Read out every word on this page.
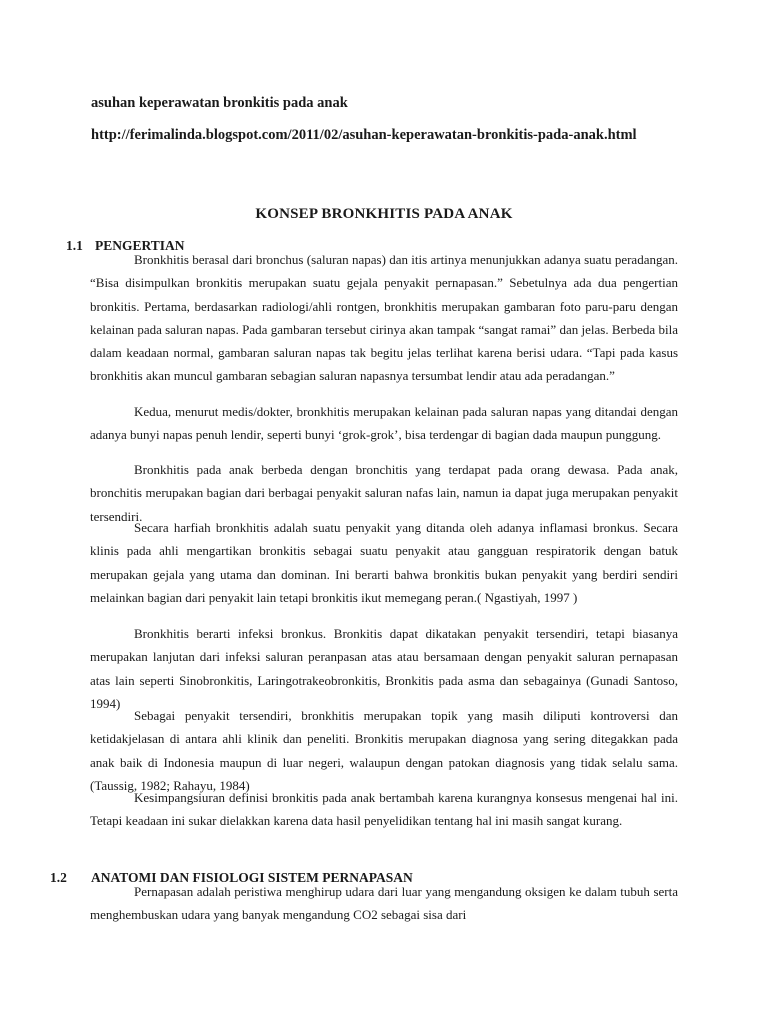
asuhan keperawatan bronkitis pada anak
http://ferimalinda.blogspot.com/2011/02/asuhan-keperawatan-bronkitis-pada-anak.html
KONSEP BRONKHITIS PADA ANAK
1.1 PENGERTIAN

Bronkhitis berasal dari bronchus (saluran napas) dan itis artinya menunjukkan adanya suatu peradangan. “Bisa disimpulkan bronkitis merupakan suatu gejala penyakit pernapasan.” Sebetulnya ada dua pengertian bronkitis. Pertama, berdasarkan radiologi/ahli rontgen, bronkhitis merupakan gambaran foto paru-paru dengan kelainan pada saluran napas. Pada gambaran tersebut cirinya akan tampak “sangat ramai” dan jelas. Berbeda bila dalam keadaan normal, gambaran saluran napas tak begitu jelas terlihat karena berisi udara. “Tapi pada kasus bronkhitis akan muncul gambaran sebagian saluran napasnya tersumbat lendir atau ada peradangan.”

Kedua, menurut medis/dokter, bronkhitis merupakan kelainan pada saluran napas yang ditandai dengan adanya bunyi napas penuh lendir, seperti bunyi ‘grok-grok’, bisa terdengar di bagian dada maupun punggung.

Bronkhitis pada anak berbeda dengan bronchitis yang terdapat pada orang dewasa. Pada anak, bronchitis merupakan bagian dari berbagai penyakit saluran nafas lain, namun ia dapat juga merupakan penyakit tersendiri.

Secara harfiah bronkhitis adalah suatu penyakit yang ditanda oleh adanya inflamasi bronkus. Secara klinis pada ahli mengartikan bronkitis sebagai suatu penyakit atau gangguan respiratorik dengan batuk merupakan gejala yang utama dan dominan. Ini berarti bahwa bronkitis bukan penyakit yang berdiri sendiri melainkan bagian dari penyakit lain tetapi bronkitis ikut memegang peran.( Ngastiyah, 1997 )

Bronkhitis berarti infeksi bronkus. Bronkitis dapat dikatakan penyakit tersendiri, tetapi biasanya merupakan lanjutan dari infeksi saluran peranpasan atas atau bersamaan dengan penyakit saluran pernapasan atas lain seperti Sinobronkitis, Laringotrakeobronkitis, Bronkitis pada asma dan sebagainya (Gunadi Santoso, 1994)

Sebagai penyakit tersendiri, bronkhitis merupakan topik yang masih diliputi kontroversi dan ketidakjelasan di antara ahli klinik dan peneliti. Bronkitis merupakan diagnosa yang sering ditegakkan pada anak baik di Indonesia maupun di luar negeri, walaupun dengan patokan diagnosis yang tidak selalu sama.(Taussig, 1982; Rahayu, 1984)

Kesimpangsiuran definisi bronkitis pada anak bertambah karena kurangnya konsesus mengenai hal ini. Tetapi keadaan ini sukar dielakkan karena data hasil penyelidikan tentang hal ini masih sangat kurang.

1.2 ANATOMI DAN FISIOLOGI SISTEM PERNAPASAN

Pernapasan adalah peristiwa menghirup udara dari luar yang mengandung oksigen ke dalam tubuh serta menghembuskan udara yang banyak mengandung CO2 sebagai sisa dari
